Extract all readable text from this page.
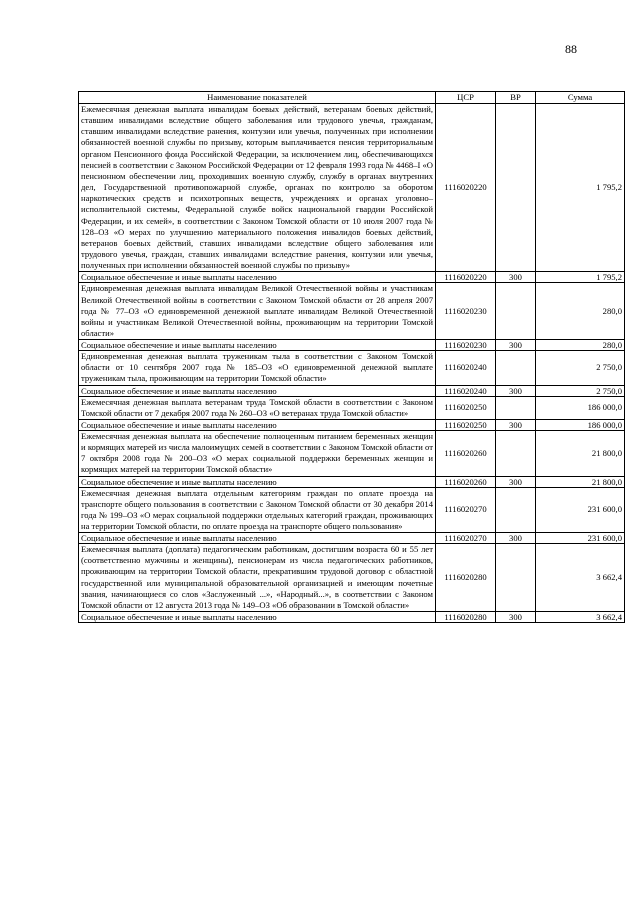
88
Наименование показателей	ЦСР	ВР	Сумма
Ежемесячная денежная выплата инвалидам боевых действий, ветеранам боевых действий, ставшим инвалидами вследствие общего заболевания или трудового увечья, гражданам, ставшим инвалидами вследствие ранения, контузии или увечья, полученных при исполнении обязанностей военной службы по призыву, которым выплачивается пенсия территориальным органом Пенсионного фонда Российской Федерации, за исключением лиц, обеспечивающихся пенсией в соответствии с Законом Российской Федерации от 12 февраля 1993 года № 4468–I «О пенсионном обеспечении лиц, проходивших военную службу, службу в органах внутренних дел, Государственной противопожарной службе, органах по контролю за оборотом наркотических средств и психотропных веществ, учреждениях и органах уголовно–исполнительной системы, Федеральной службе войск национальной гвардии Российской Федерации, и их семей», в соответствии с Законом Томской области от 10 июля 2007 года № 128–ОЗ «О мерах по улучшению материального положения инвалидов боевых действий, ветеранов боевых действий, ставших инвалидами вследствие общего заболевания или трудового увечья, граждан, ставших инвалидами вследствие ранения, контузии или увечья, полученных при исполнении обязанностей военной службы по призыву»	1116020220		1 795,2
Социальное обеспечение и иные выплаты населению	1116020220	300	1 795,2
Единовременная денежная выплата инвалидам Великой Отечественной войны и участникам Великой Отечественной войны в соответствии с Законом Томской области от 28 апреля 2007 года № 77–ОЗ «О единовременной денежной выплате инвалидам Великой Отечественной войны и участникам Великой Отечественной войны, проживающим на территории Томской области»	1116020230		280,0
Социальное обеспечение и иные выплаты населению	1116020230	300	280,0
Единовременная денежная выплата труженикам тыла в соответствии с Законом Томской области от 10 сентября 2007 года № 185–ОЗ «О единовременной денежной выплате труженикам тыла, проживающим на территории Томской области»	1116020240		2 750,0
Социальное обеспечение и иные выплаты населению	1116020240	300	2 750,0
Ежемесячная денежная выплата ветеранам труда Томской области в соответствии с Законом Томской области от 7 декабря 2007 года № 260–ОЗ «О ветеранах труда Томской области»	1116020250		186 000,0
Социальное обеспечение и иные выплаты населению	1116020250	300	186 000,0
Ежемесячная денежная выплата на обеспечение полноценным питанием беременных женщин и кормящих матерей из числа малоимущих семей в соответствии с Законом Томской области от 7 октября 2008 года № 200–ОЗ «О мерах социальной поддержки беременных женщин и кормящих матерей на территории Томской области»	1116020260		21 800,0
Социальное обеспечение и иные выплаты населению	1116020260	300	21 800,0
Ежемесячная денежная выплата отдельным категориям граждан по оплате проезда на транспорте общего пользования в соответствии с Законом Томской области от 30 декабря 2014 года № 199–ОЗ «О мерах социальной поддержки отдельных категорий граждан, проживающих на территории Томской области, по оплате проезда на транспорте общего пользования»	1116020270		231 600,0
Социальное обеспечение и иные выплаты населению	1116020270	300	231 600,0
Ежемесячная выплата (доплата) педагогическим работникам, достигшим возраста 60 и 55 лет (соответственно мужчины и женщины), пенсионерам из числа педагогических работников, проживающим на территории Томской области, прекратившим трудовой договор с областной государственной или муниципальной образовательной организацией и имеющим почетные звания, начинающиеся со слов «Заслуженный ...», «Народный...», в соответствии с Законом Томской области от 12 августа 2013 года № 149–ОЗ «Об образовании в Томской области»	1116020280		3 662,4
Социальное обеспечение и иные выплаты населению	1116020280	300	3 662,4
